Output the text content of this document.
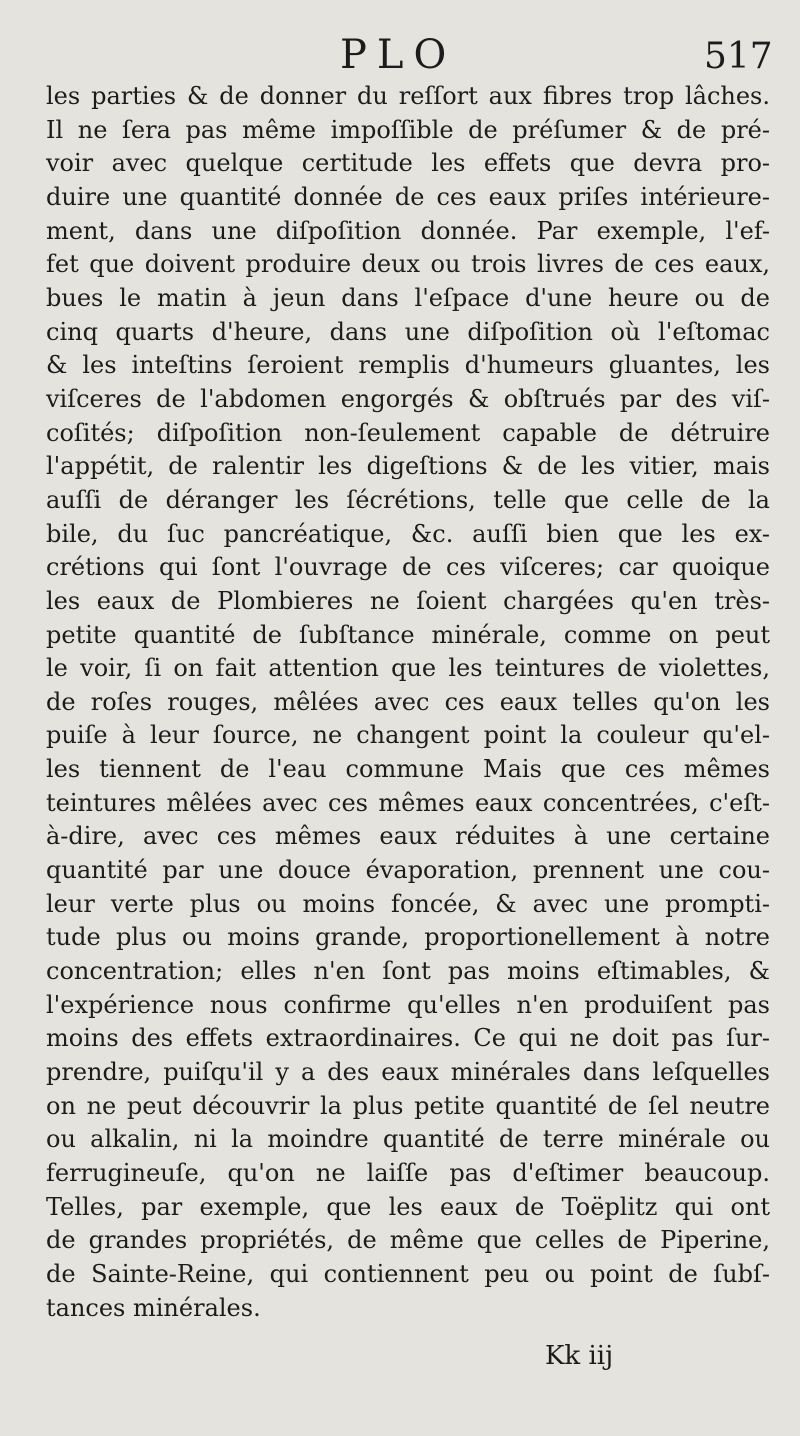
PLO	517
les parties & de donner du reſſort aux fibres trop lâches.
Il ne ſera pas même impoſſible de préſumer & de pré-
voir avec quelque certitude les effets que devra pro-
duire une quantité donnée de ces eaux priſes intérieure-
ment, dans une diſpoſition donnée. Par exemple, l'ef-
fet que doivent produire deux ou trois livres de ces eaux,
bues le matin à jeun dans l'eſpace d'une heure ou de
cinq quarts d'heure, dans une diſpoſition où l'eſtomac
& les inteſtins ſeroient remplis d'humeurs gluantes, les
viſceres de l'abdomen engorgés & obſtrués par des viſ-
coſités; diſpoſition non-ſeulement capable de détruire
l'appétit, de ralentir les digeſtions & de les vitier, mais
auſſi de déranger les ſécrétions, telle que celle de la
bile, du ſuc pancréatique, &c. auſſi bien que les ex-
crétions qui ſont l'ouvrage de ces viſceres; car quoique
les eaux de Plombieres ne ſoient chargées qu'en très-
petite quantité de ſubſtance minérale, comme on peut
le voir, ſi on fait attention que les teintures de violettes,
de roſes rouges, mêlées avec ces eaux telles qu'on les
puiſe à leur ſource, ne changent point la couleur qu'el-
les tiennent de l'eau commune Mais que ces mêmes
teintures mêlées avec ces mêmes eaux concentrées, c'eſt-
à-dire, avec ces mêmes eaux réduites à une certaine
quantité par une douce évaporation, prennent une cou-
leur verte plus ou moins foncée, & avec une prompti-
tude plus ou moins grande, proportionellement à notre
concentration; elles n'en ſont pas moins eſtimables, &
l'expérience nous confirme qu'elles n'en produiſent pas
moins des effets extraordinaires. Ce qui ne doit pas ſur-
prendre, puiſqu'il y a des eaux minérales dans leſquelles
on ne peut découvrir la plus petite quantité de ſel neutre
ou alkalin, ni la moindre quantité de terre minérale ou
ferrugineuſe, qu'on ne laiſſe pas d'eſtimer beaucoup.
Telles, par exemple, que les eaux de Toëplitz qui ont
de grandes propriétés, de même que celles de Piperine,
de Sainte-Reine, qui contiennent peu ou point de ſubſ-
tances minérales.
Kk iij
